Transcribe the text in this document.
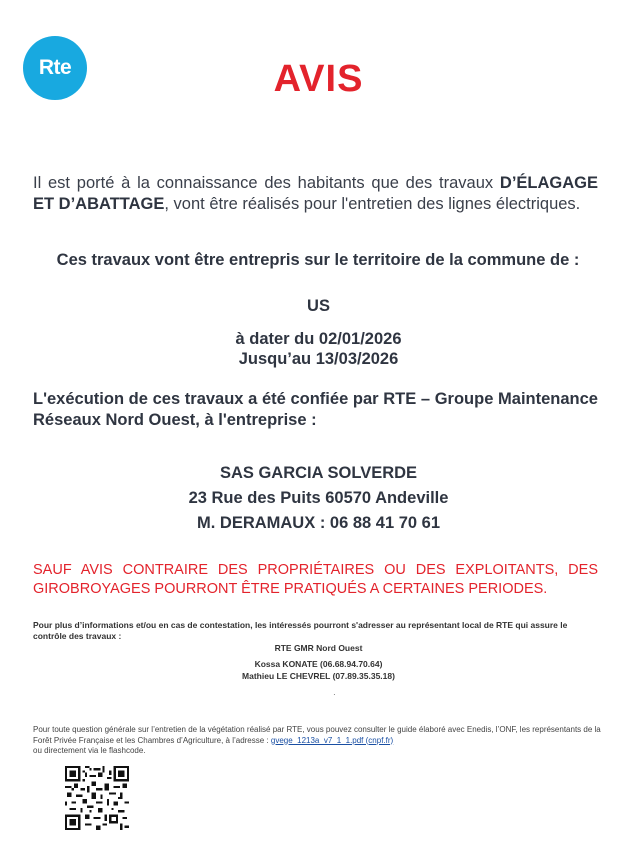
Rte	AVIS
Il est porté à la connaissance des habitants que des travaux D’ÉLAGAGE ET D’ABATTAGE, vont être réalisés pour l'entretien des lignes électriques.
Ces travaux vont être entrepris sur le territoire de la commune de :
US
à dater du 02/01/2026
Jusqu’au 13/03/2026
L'exécution de ces travaux a été confiée par RTE – Groupe Maintenance Réseaux Nord Ouest, à l'entreprise :
SAS GARCIA SOLVERDE
23 Rue des Puits 60570 Andeville
M. DERAMAUX : 06 88 41 70 61
SAUF AVIS CONTRAIRE DES PROPRIÉTAIRES OU DES EXPLOITANTS, DES GIROBROYAGES POURRONT ÊTRE PRATIQUÉS A CERTAINES PERIODES.
Pour plus d’informations et/ou en cas de contestation, les intéressés pourront s'adresser au représentant local de RTE qui assure le contrôle des travaux :
RTE GMR Nord Ouest
Kossa KONATE (06.68.94.70.64)
Mathieu LE CHEVREL (07.89.35.35.18)
·
Pour toute question générale sur l’entretien de la végétation réalisé par RTE, vous pouvez consulter le guide élaboré avec Enedis, l’ONF, les représentants de la Forêt Privée Française et les Chambres d’Agriculture, à l’adresse : gvege_1213a_v7_1_1.pdf (cnpf.fr)
ou directement via le flashcode.
